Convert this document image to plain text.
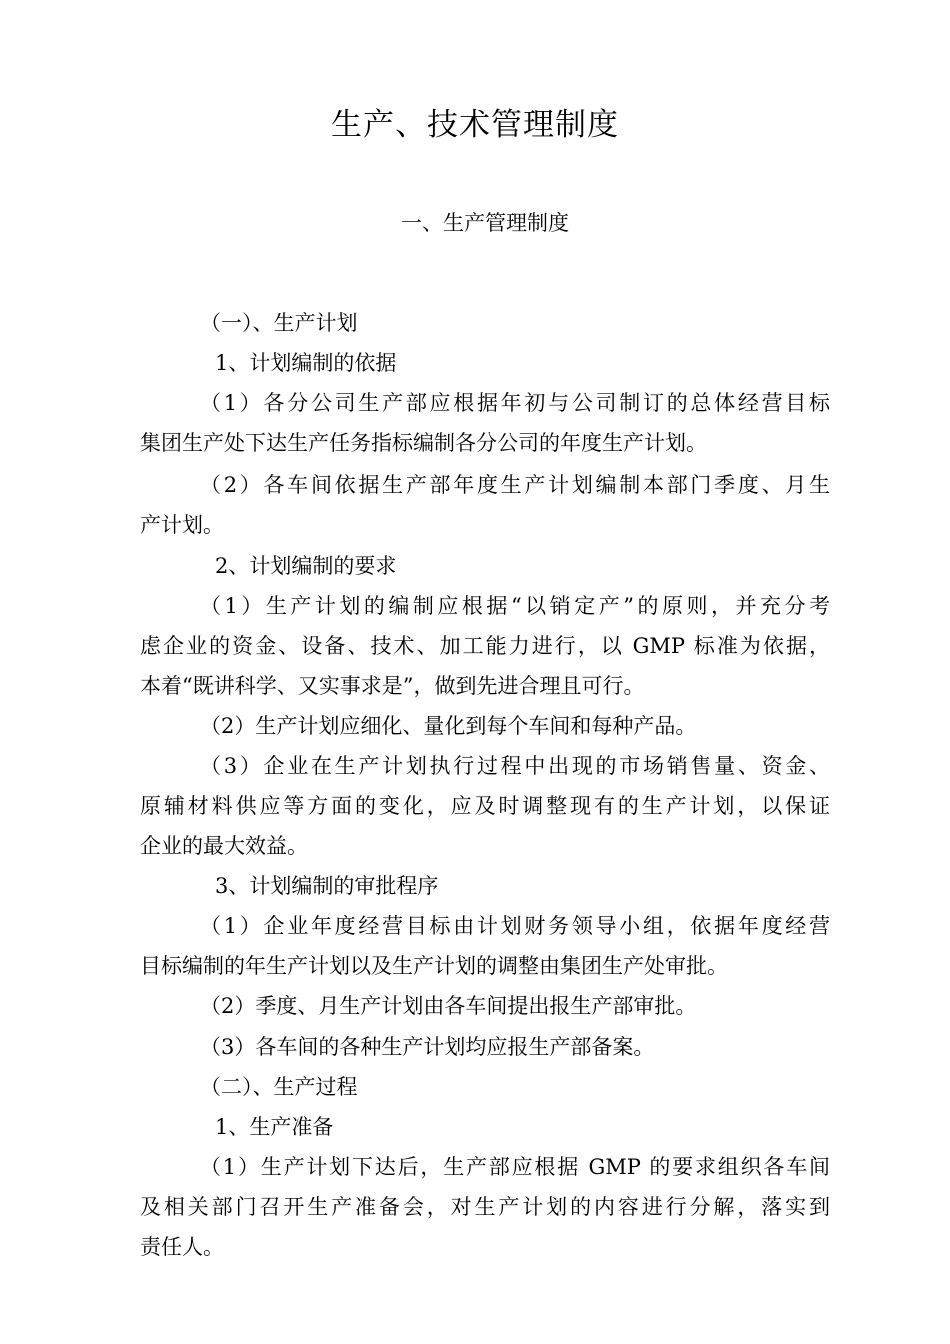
生产、技术管理制度
一、生产管理制度
（一）、生产计划
1、计划编制的依据
（1）各分公司生产部应根据年初与公司制订的总体经营目标
集团生产处下达生产任务指标编制各分公司的年度生产计划。
（2）各车间依据生产部年度生产计划编制本部门季度、月生
产计划。
2、计划编制的要求
（1）生产计划的编制应根据“以销定产”的原则，并充分考
虑企业的资金、设备、技术、加工能力进行，以 GMP 标准为依据，
本着“既讲科学、又实事求是”，做到先进合理且可行。
（2）生产计划应细化、量化到每个车间和每种产品。
（3）企业在生产计划执行过程中出现的市场销售量、资金、
原辅材料供应等方面的变化，应及时调整现有的生产计划，以保证
企业的最大效益。
3、计划编制的审批程序
（1）企业年度经营目标由计划财务领导小组，依据年度经营
目标编制的年生产计划以及生产计划的调整由集团生产处审批。
（2）季度、月生产计划由各车间提出报生产部审批。
（3）各车间的各种生产计划均应报生产部备案。
（二）、生产过程
1、生产准备
（1）生产计划下达后，生产部应根据 GMP 的要求组织各车间
及相关部门召开生产准备会，对生产计划的内容进行分解，落实到
责任人。
